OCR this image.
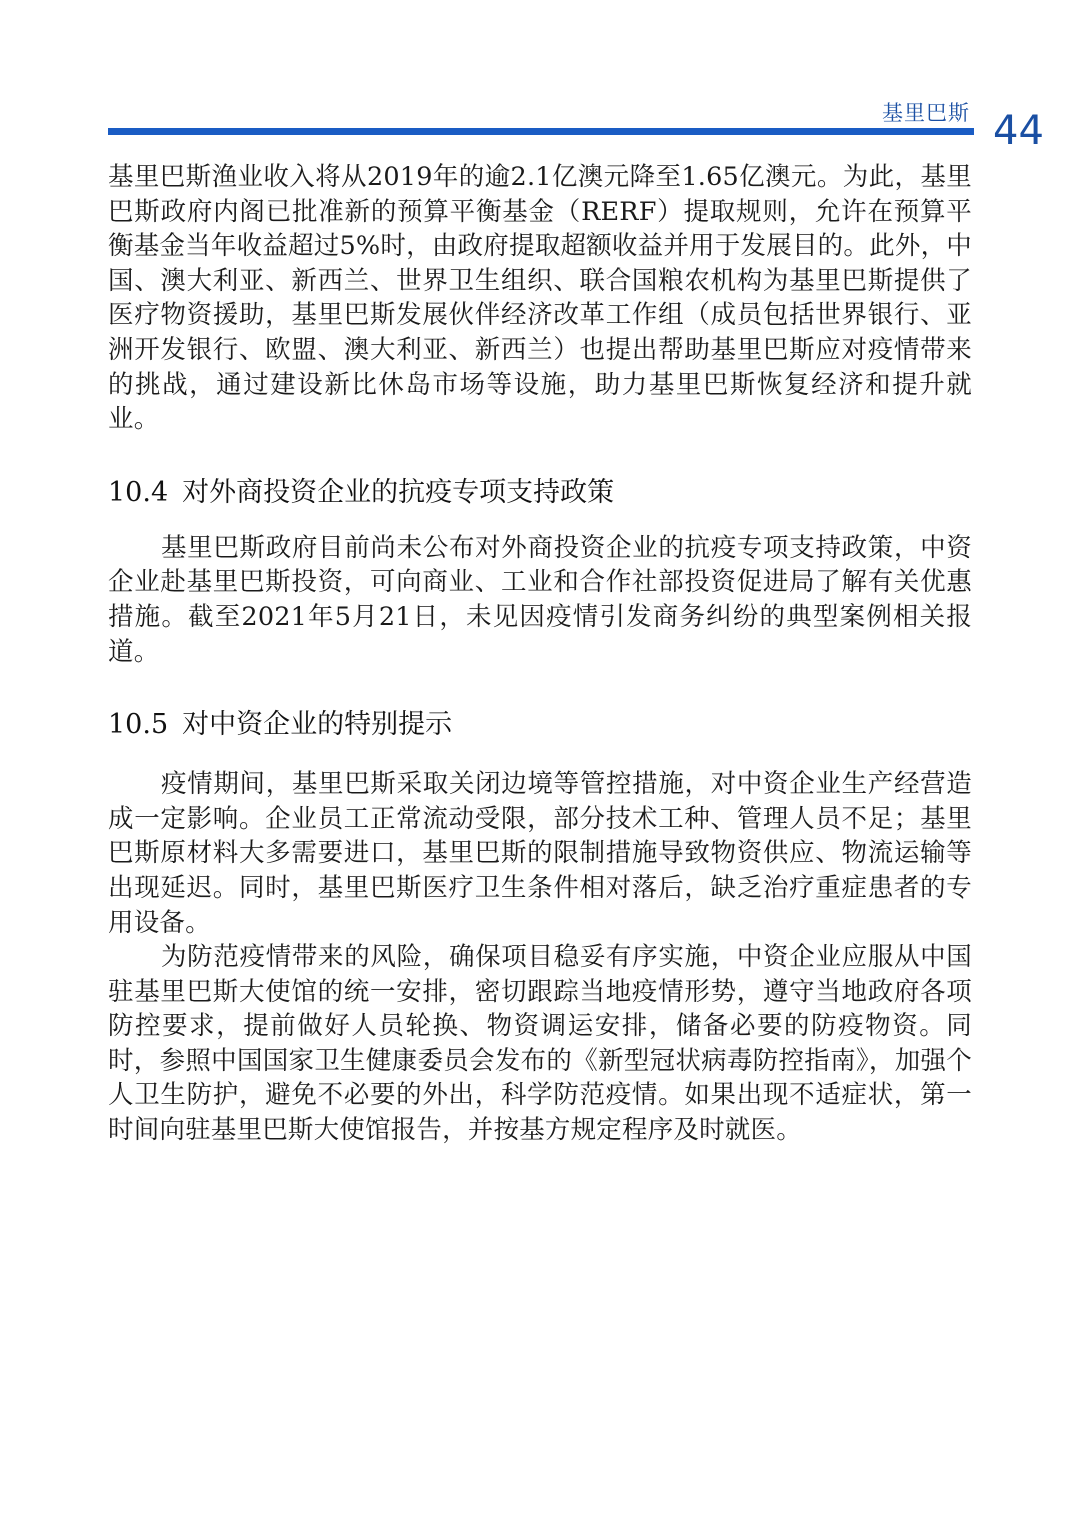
基里巴斯 44

基里巴斯渔业收入将从2019年的逾2.1亿澳元降至1.65亿澳元。为此，基里巴斯政府内阁已批准新的预算平衡基金（RERF）提取规则，允许在预算平衡基金当年收益超过5%时，由政府提取超额收益并用于发展目的。此外，中国、澳大利亚、新西兰、世界卫生组织、联合国粮农机构为基里巴斯提供了医疗物资援助，基里巴斯发展伙伴经济改革工作组（成员包括世界银行、亚洲开发银行、欧盟、澳大利亚、新西兰）也提出帮助基里巴斯应对疫情带来的挑战，通过建设新比休岛市场等设施，助力基里巴斯恢复经济和提升就业。

10.4 对外商投资企业的抗疫专项支持政策

基里巴斯政府目前尚未公布对外商投资企业的抗疫专项支持政策，中资企业赴基里巴斯投资，可向商业、工业和合作社部投资促进局了解有关优惠措施。截至2021年5月21日，未见因疫情引发商务纠纷的典型案例相关报道。

10.5 对中资企业的特别提示

疫情期间，基里巴斯采取关闭边境等管控措施，对中资企业生产经营造成一定影响。企业员工正常流动受限，部分技术工种、管理人员不足；基里巴斯原材料大多需要进口，基里巴斯的限制措施导致物资供应、物流运输等出现延迟。同时，基里巴斯医疗卫生条件相对落后，缺乏治疗重症患者的专用设备。

为防范疫情带来的风险，确保项目稳妥有序实施，中资企业应服从中国驻基里巴斯大使馆的统一安排，密切跟踪当地疫情形势，遵守当地政府各项防控要求，提前做好人员轮换、物资调运安排，储备必要的防疫物资。同时，参照中国国家卫生健康委员会发布的《新型冠状病毒防控指南》，加强个人卫生防护，避免不必要的外出，科学防范疫情。如果出现不适症状，第一时间向驻基里巴斯大使馆报告，并按基方规定程序及时就医。
